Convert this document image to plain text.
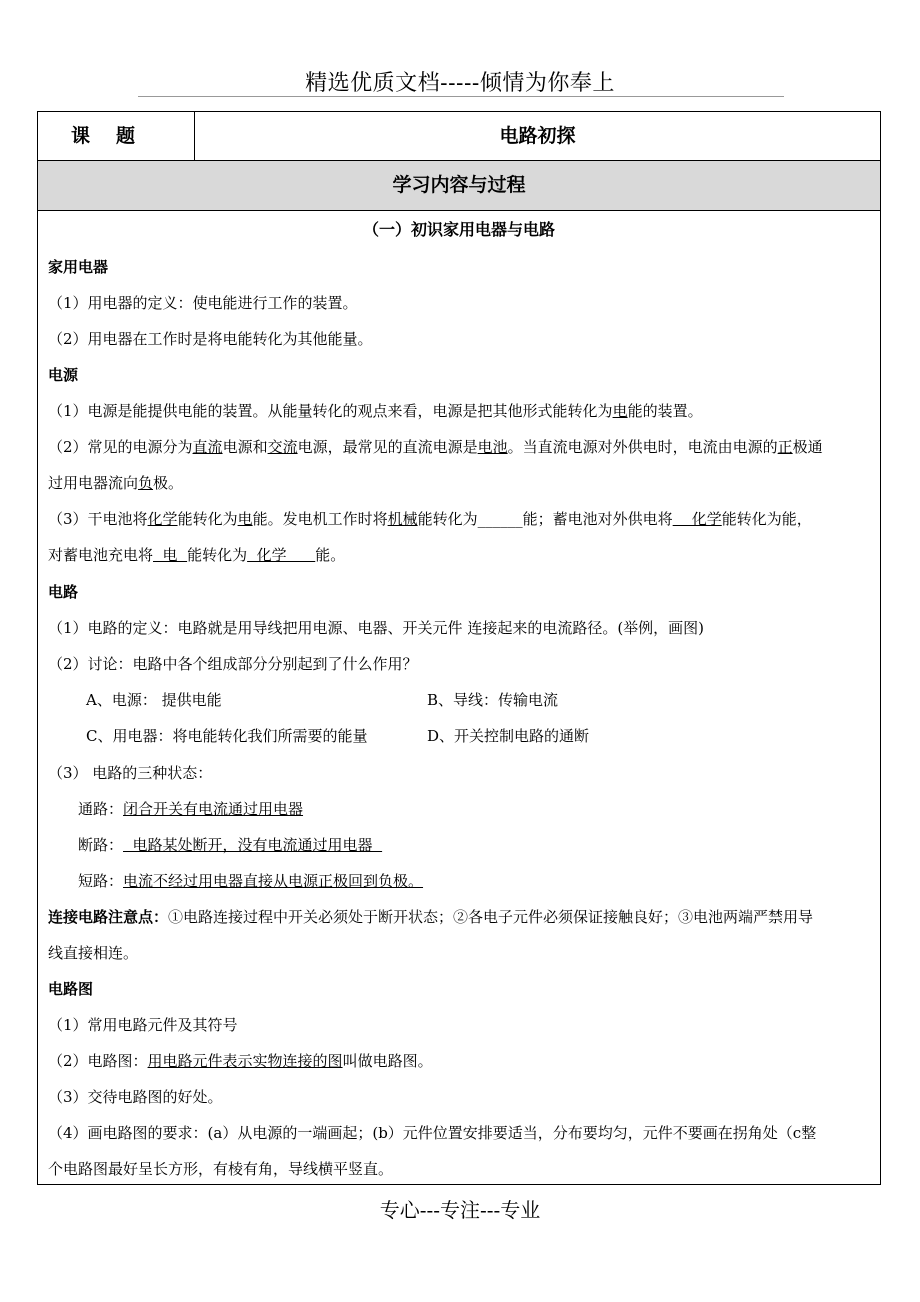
精选优质文档-----倾情为你奉上
课题	电路初探
学习内容与过程
（一）初识家用电器与电路
家用电器
（1）用电器的定义：使电能进行工作的装置。
（2）用电器在工作时是将电能转化为其他能量。
电源
（1）电源是能提供电能的装置。从能量转化的观点来看，电源是把其他形式能转化为电能的装置。
（2）常见的电源分为直流电源和交流电源，最常见的直流电源是电池。当直流电源对外供电时，电流由电源的正极通
过用电器流向负极。
（3）干电池将化学能转化为电能。发电机工作时将机械能转化为______能；蓄电池对外供电将    化学能转化为能，
对蓄电池充电将  电  能转化为  化学      能。
电路
（1）电路的定义：电路就是用导线把用电源、电器、开关元件 连接起来的电流路径。(举例，画图)
（2）讨论：电路中各个组成部分分别起到了什么作用？
A、电源： 提供电能	B、导线：传输电流
C、用电器：将电能转化我们所需要的能量	D、开关控制电路的通断
（3） 电路的三种状态：
通路：闭合开关有电流通过用电器
断路：  电路某处断开，没有电流通过用电器
短路：电流不经过用电器直接从电源正极回到负极。
连接电路注意点：①电路连接过程中开关必须处于断开状态；②各电子元件必须保证接触良好；③电池两端严禁用导
线直接相连。
电路图
（1）常用电路元件及其符号
（2）电路图：用电路元件表示实物连接的图叫做电路图。
（3）交待电路图的好处。
（4）画电路图的要求：(a）从电源的一端画起；(b）元件位置安排要适当，分布要均匀，元件不要画在拐角处（c整
个电路图最好呈长方形，有棱有角，导线横平竖直。
专心---专注---专业
